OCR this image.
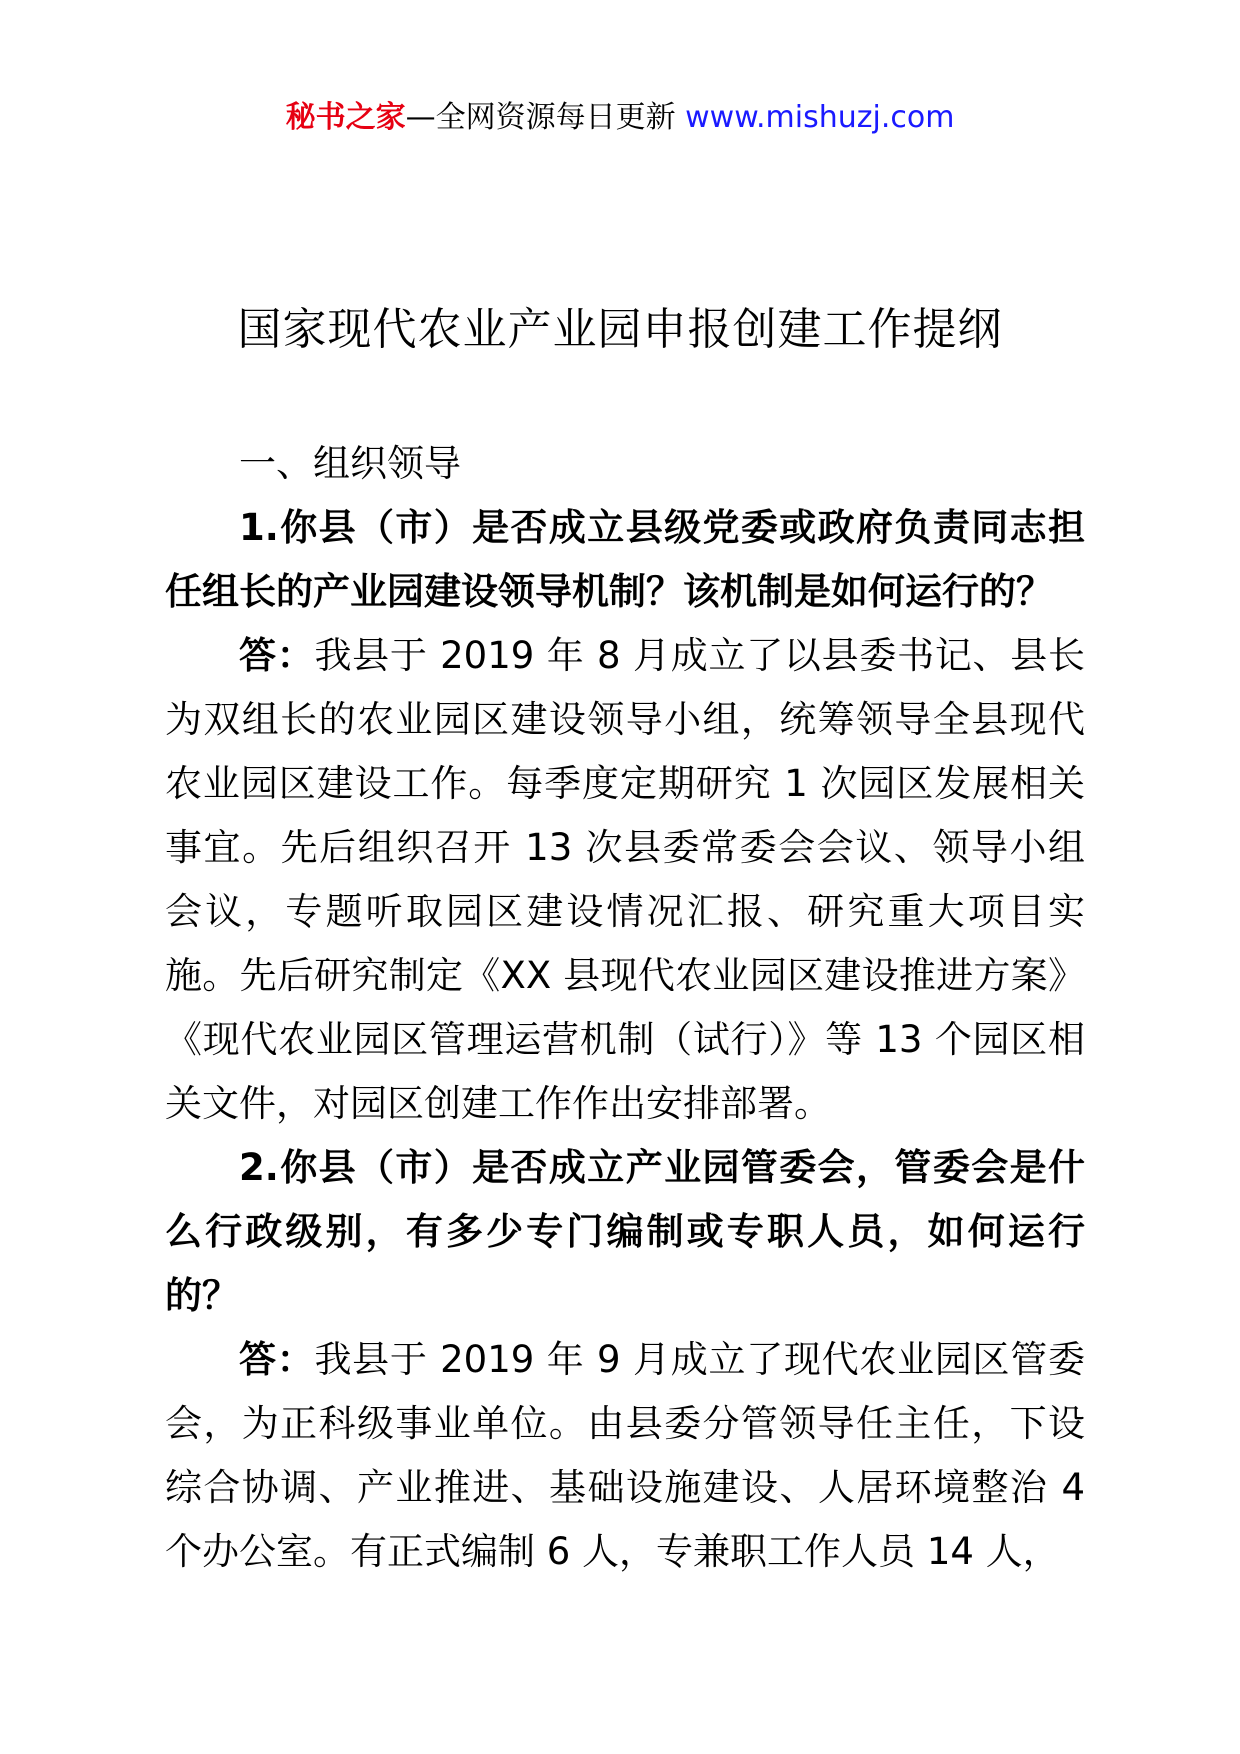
秘书之家—全网资源每日更新 www.mishuzj.com
国家现代农业产业园申报创建工作提纲

一、组织领导

1.你县（市）是否成立县级党委或政府负责同志担任组长的产业园建设领导机制？该机制是如何运行的？

答：我县于 2019 年 8 月成立了以县委书记、县长为双组长的农业园区建设领导小组，统筹领导全县现代农业园区建设工作。每季度定期研究 1 次园区发展相关事宜。先后组织召开 13 次县委常委会会议、领导小组会议，专题听取园区建设情况汇报、研究重大项目实施。先后研究制定《XX 县现代农业园区建设推进方案》《现代农业园区管理运营机制（试行）》等 13 个园区相关文件，对园区创建工作作出安排部署。

2.你县（市）是否成立产业园管委会，管委会是什么行政级别，有多少专门编制或专职人员，如何运行的？

答：我县于 2019 年 9 月成立了现代农业园区管委会，为正科级事业单位。由县委分管领导任主任，下设综合协调、产业推进、基础设施建设、人居环境整治 4 个办公室。有正式编制 6 人，专兼职工作人员 14 人，
